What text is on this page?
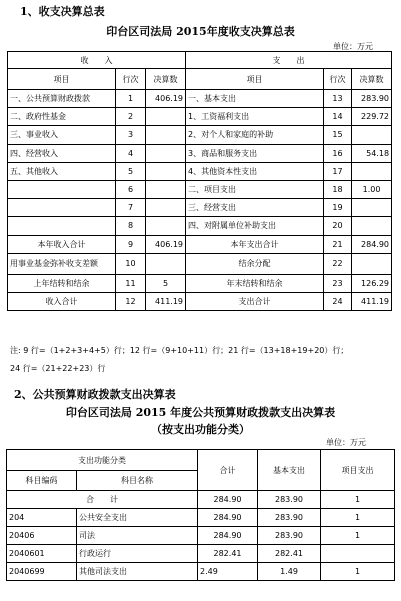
1、收支决算总表
印台区司法局 2015年度收支决算总表
单位：万元
收　　入			支　　出		
项目	行次	决算数	项目	行次	决算数
一、公共预算财政拨款	1	406.19	一、基本支出	13	283.90
二、政府性基金	2		1、工资福利支出	14	229.72
三、事业收入	3		2、对个人和家庭的补助	15	
四、经营收入	4		3、商品和服务支出	16	54.18
五、其他收入	5		4、其他资本性支出	17	
	6		二、项目支出	18	1.00
	7		三、经营支出	19	
	8		四、对附属单位补助支出	20	
本年收入合计	9	406.19	本年支出合计	21	284.90
用事业基金弥补收支差额	10		结余分配	22	
上年结转和结余	11	5	年末结转和结余	23	126.29
收入合计	12	411.19	支出合计	24	411.19
注: 9 行=（1+2+3+4+5）行；12 行=（9+10+11）行；21 行=（13+18+19+20）行；
24 行=（21+22+23）行
2、公共预算财政拨款支出决算表
印台区司法局 2015 年度公共预算财政拨款支出决算表
（按支出功能分类）
单位：万元
支出功能分类		合计	基本支出	项目支出
科目编码	科目名称			
合　　计		284.90	283.90	1
204	公共安全支出	284.90	283.90	1
20406	司法	284.90	283.90	1
2040601	行政运行	282.41	282.41	
2040699	其他司法支出	2.49	1.49	1
